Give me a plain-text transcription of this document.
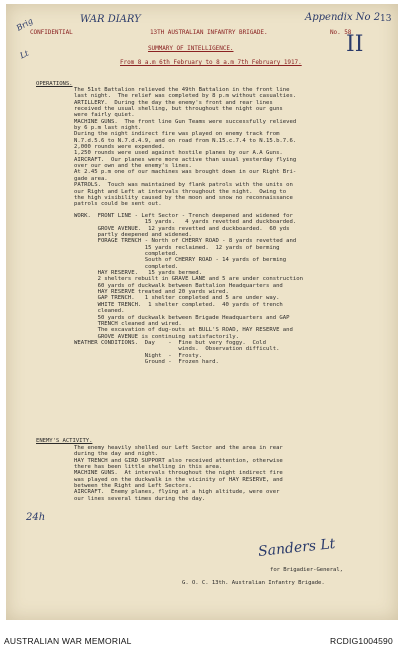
WAR DIARY	Appendix No 2 13
II
Brig
Lt
24h
CONFIDENTIAL	13TH AUSTRALIAN INFANTRY BRIGADE.	No. 58
SUMMARY OF INTELLIGENCE.
From 8 a.m 6th February to 8 a.m 7th February 1917.
OPERATIONS.
The 51st Battalion relieved the 49th Battalion in the front line
last night.  The relief was completed by 8 p.m without casualties.
ARTILLERY.  During the day the enemy's front and rear lines
received the usual shelling, but throughout the night our guns
were fairly quiet.
MACHINE GUNS.  The front line Gun Teams were successfully relieved
by 6 p.m last night.
During the night indirect fire was played on enemy track from
N.7.d.5.6 to N.7.d.4.9, and on road from N.15.c.7.4 to N.15.b.7.6.
2,000 rounds were expended.
1,250 rounds were used against hostile planes by our A.A Guns.
AIRCRAFT.  Our planes were more active than usual yesterday flying
over our own and the enemy's lines.
At 2.45 p.m one of our machines was brought down in our Right Bri-
gade area.
PATROLS.  Touch was maintained by flank patrols with the units on
our Right and Left at intervals throughout the night.  Owing to
the high visibility caused by the moon and snow no reconnaissance
patrols could be sent out.
WORK.  FRONT LINE - Left Sector - Trench deepened and widened for
15 yards.   4 yards revetted and duckboarded.
GROVE AVENUE.  12 yards revetted and duckboarded.  60 yds
partly deepened and widened.
FORAGE TRENCH - North of CHERRY ROAD - 8 yards revetted and
15 yards reclaimed.  12 yards of berming
completed.
South of CHERRY ROAD - 14 yards of berming
completed.
HAY RESERVE.   15 yards bermed.
2 shelters rebuilt in GRAVE LANE and 5 are under construction
60 yards of duckwalk between Battalion Headquarters and
HAY RESERVE treated and 20 yards wired.
GAP TRENCH.   1 shelter completed and 5 are under way.
WHITE TRENCH.  1 shelter completed.  40 yards of trench
cleaned.
50 yards of duckwalk between Brigade Headquarters and GAP
TRENCH cleaned and wired.
The excavation of dug-outs at BULL'S ROAD, HAY RESERVE and
GROVE AVENUE is continuing satisfactorily.
WEATHER CONDITIONS.  Day    -  Fine but very foggy.  Cold
winds.  Observation difficult.
Night  -  Frosty.
Ground -  Frozen hard.
ENEMY'S ACTIVITY.
The enemy heavily shelled our Left Sector and the area in rear
during the day and night.
HAY TRENCH and GIRD SUPPORT also received attention, otherwise
there has been little shelling in this area.
MACHINE GUNS.  At intervals throughout the night indirect fire
was played on the duckwalk in the vicinity of HAY RESERVE, and
between the Right and Left Sectors.
AIRCRAFT.  Enemy planes, flying at a high altitude, were over
our lines several times during the day.
Sanders Lt
for Brigadier-General,
G. O. C. 13th. Australian Infantry Brigade.
AUSTRALIAN WAR MEMORIAL	RCDIG1004590
